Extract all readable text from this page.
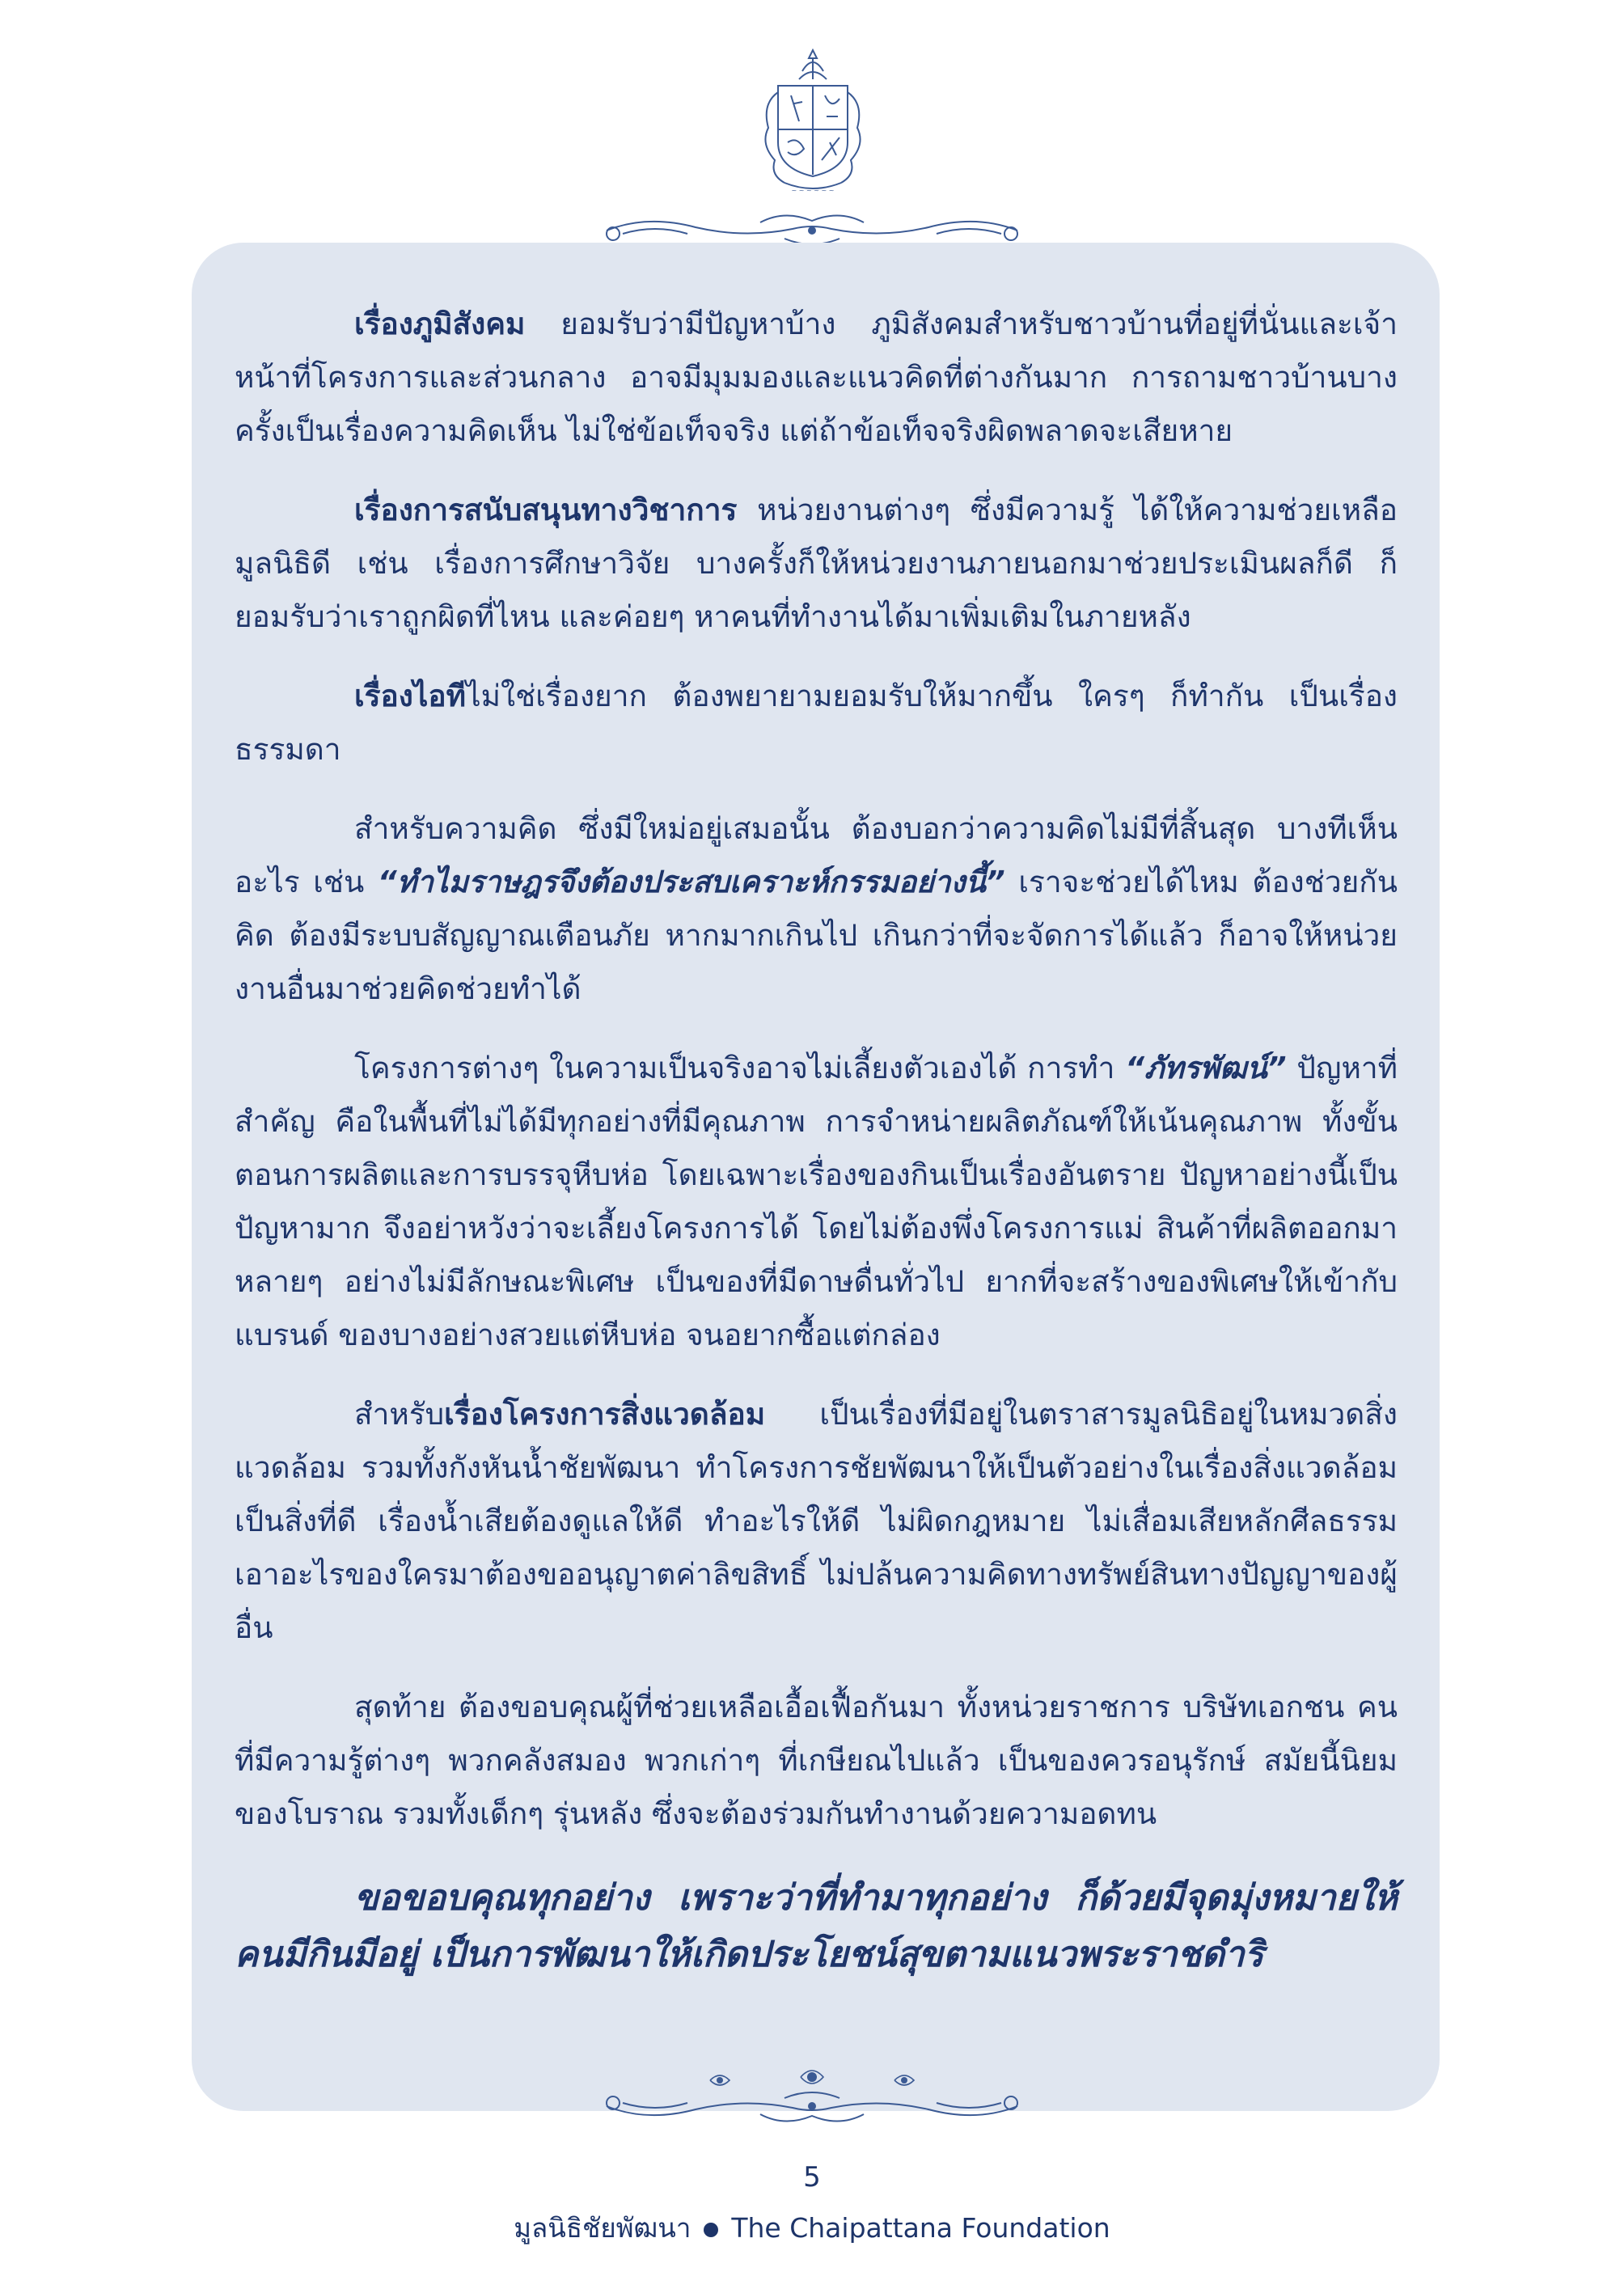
~ ~ ~ ~ ~ ~

เรื่องภูมิสังคม ยอมรับว่ามีปัญหาบ้าง ภูมิสังคมสำหรับชาวบ้านที่อยู่ที่นั่นและเจ้าหน้าที่โครงการและส่วนกลาง อาจมีมุมมองและแนวคิดที่ต่างกันมาก การถามชาวบ้านบางครั้งเป็นเรื่องความคิดเห็น ไม่ใช่ข้อเท็จจริง แต่ถ้าข้อเท็จจริงผิดพลาดจะเสียหาย

เรื่องการสนับสนุนทางวิชาการ หน่วยงานต่างๆ ซึ่งมีความรู้ ได้ให้ความช่วยเหลือมูลนิธิดี เช่น เรื่องการศึกษาวิจัย บางครั้งก็ให้หน่วยงานภายนอกมาช่วยประเมินผลก็ดี ก็ยอมรับว่าเราถูกผิดที่ไหน และค่อยๆ หาคนที่ทำงานได้มาเพิ่มเติมในภายหลัง

เรื่องไอทีไม่ใช่เรื่องยาก ต้องพยายามยอมรับให้มากขึ้น ใครๆ ก็ทำกัน เป็นเรื่องธรรมดา

สำหรับความคิด ซึ่งมีใหม่อยู่เสมอนั้น ต้องบอกว่าความคิดไม่มีที่สิ้นสุด บางทีเห็นอะไร เช่น “ทำไมราษฎรจึงต้องประสบเคราะห์กรรมอย่างนี้” เราจะช่วยได้ไหม ต้องช่วยกันคิด ต้องมีระบบสัญญาณเตือนภัย หากมากเกินไป เกินกว่าที่จะจัดการได้แล้ว ก็อาจให้หน่วยงานอื่นมาช่วยคิดช่วยทำได้

โครงการต่างๆ ในความเป็นจริงอาจไม่เลี้ยงตัวเองได้ การทำ “ภัทรพัฒน์” ปัญหาที่สำคัญ คือในพื้นที่ไม่ได้มีทุกอย่างที่มีคุณภาพ การจำหน่ายผลิตภัณฑ์ให้เน้นคุณภาพ ทั้งขั้นตอนการผลิตและการบรรจุหีบห่อ โดยเฉพาะเรื่องของกินเป็นเรื่องอันตราย ปัญหาอย่างนี้เป็นปัญหามาก จึงอย่าหวังว่าจะเลี้ยงโครงการได้ โดยไม่ต้องพึ่งโครงการแม่ สินค้าที่ผลิตออกมาหลายๆ อย่างไม่มีลักษณะพิเศษ เป็นของที่มีดาษดื่นทั่วไป ยากที่จะสร้างของพิเศษให้เข้ากับแบรนด์ ของบางอย่างสวยแต่หีบห่อ จนอยากซื้อแต่กล่อง

สำหรับเรื่องโครงการสิ่งแวดล้อม เป็นเรื่องที่มีอยู่ในตราสารมูลนิธิอยู่ในหมวดสิ่งแวดล้อม รวมทั้งกังหันน้ำชัยพัฒนา ทำโครงการชัยพัฒนาให้เป็นตัวอย่างในเรื่องสิ่งแวดล้อม เป็นสิ่งที่ดี เรื่องน้ำเสียต้องดูแลให้ดี ทำอะไรให้ดี ไม่ผิดกฎหมาย ไม่เสื่อมเสียหลักศีลธรรม เอาอะไรของใครมาต้องขออนุญาตค่าลิขสิทธิ์ ไม่ปล้นความคิดทางทรัพย์สินทางปัญญาของผู้อื่น

สุดท้าย ต้องขอบคุณผู้ที่ช่วยเหลือเอื้อเฟื้อกันมา ทั้งหน่วยราชการ บริษัทเอกชน คนที่มีความรู้ต่างๆ พวกคลังสมอง พวกเก่าๆ ที่เกษียณไปแล้ว เป็นของควรอนุรักษ์ สมัยนี้นิยมของโบราณ รวมทั้งเด็กๆ รุ่นหลัง ซึ่งจะต้องร่วมกันทำงานด้วยความอดทน

ขอขอบคุณทุกอย่าง เพราะว่าที่ทำมาทุกอย่าง ก็ด้วยมีจุดมุ่งหมายให้คนมีกินมีอยู่ เป็นการพัฒนาให้เกิดประโยชน์สุขตามแนวพระราชดำริ

5
มูลนิธิชัยพัฒนา The Chaipattana Foundation
